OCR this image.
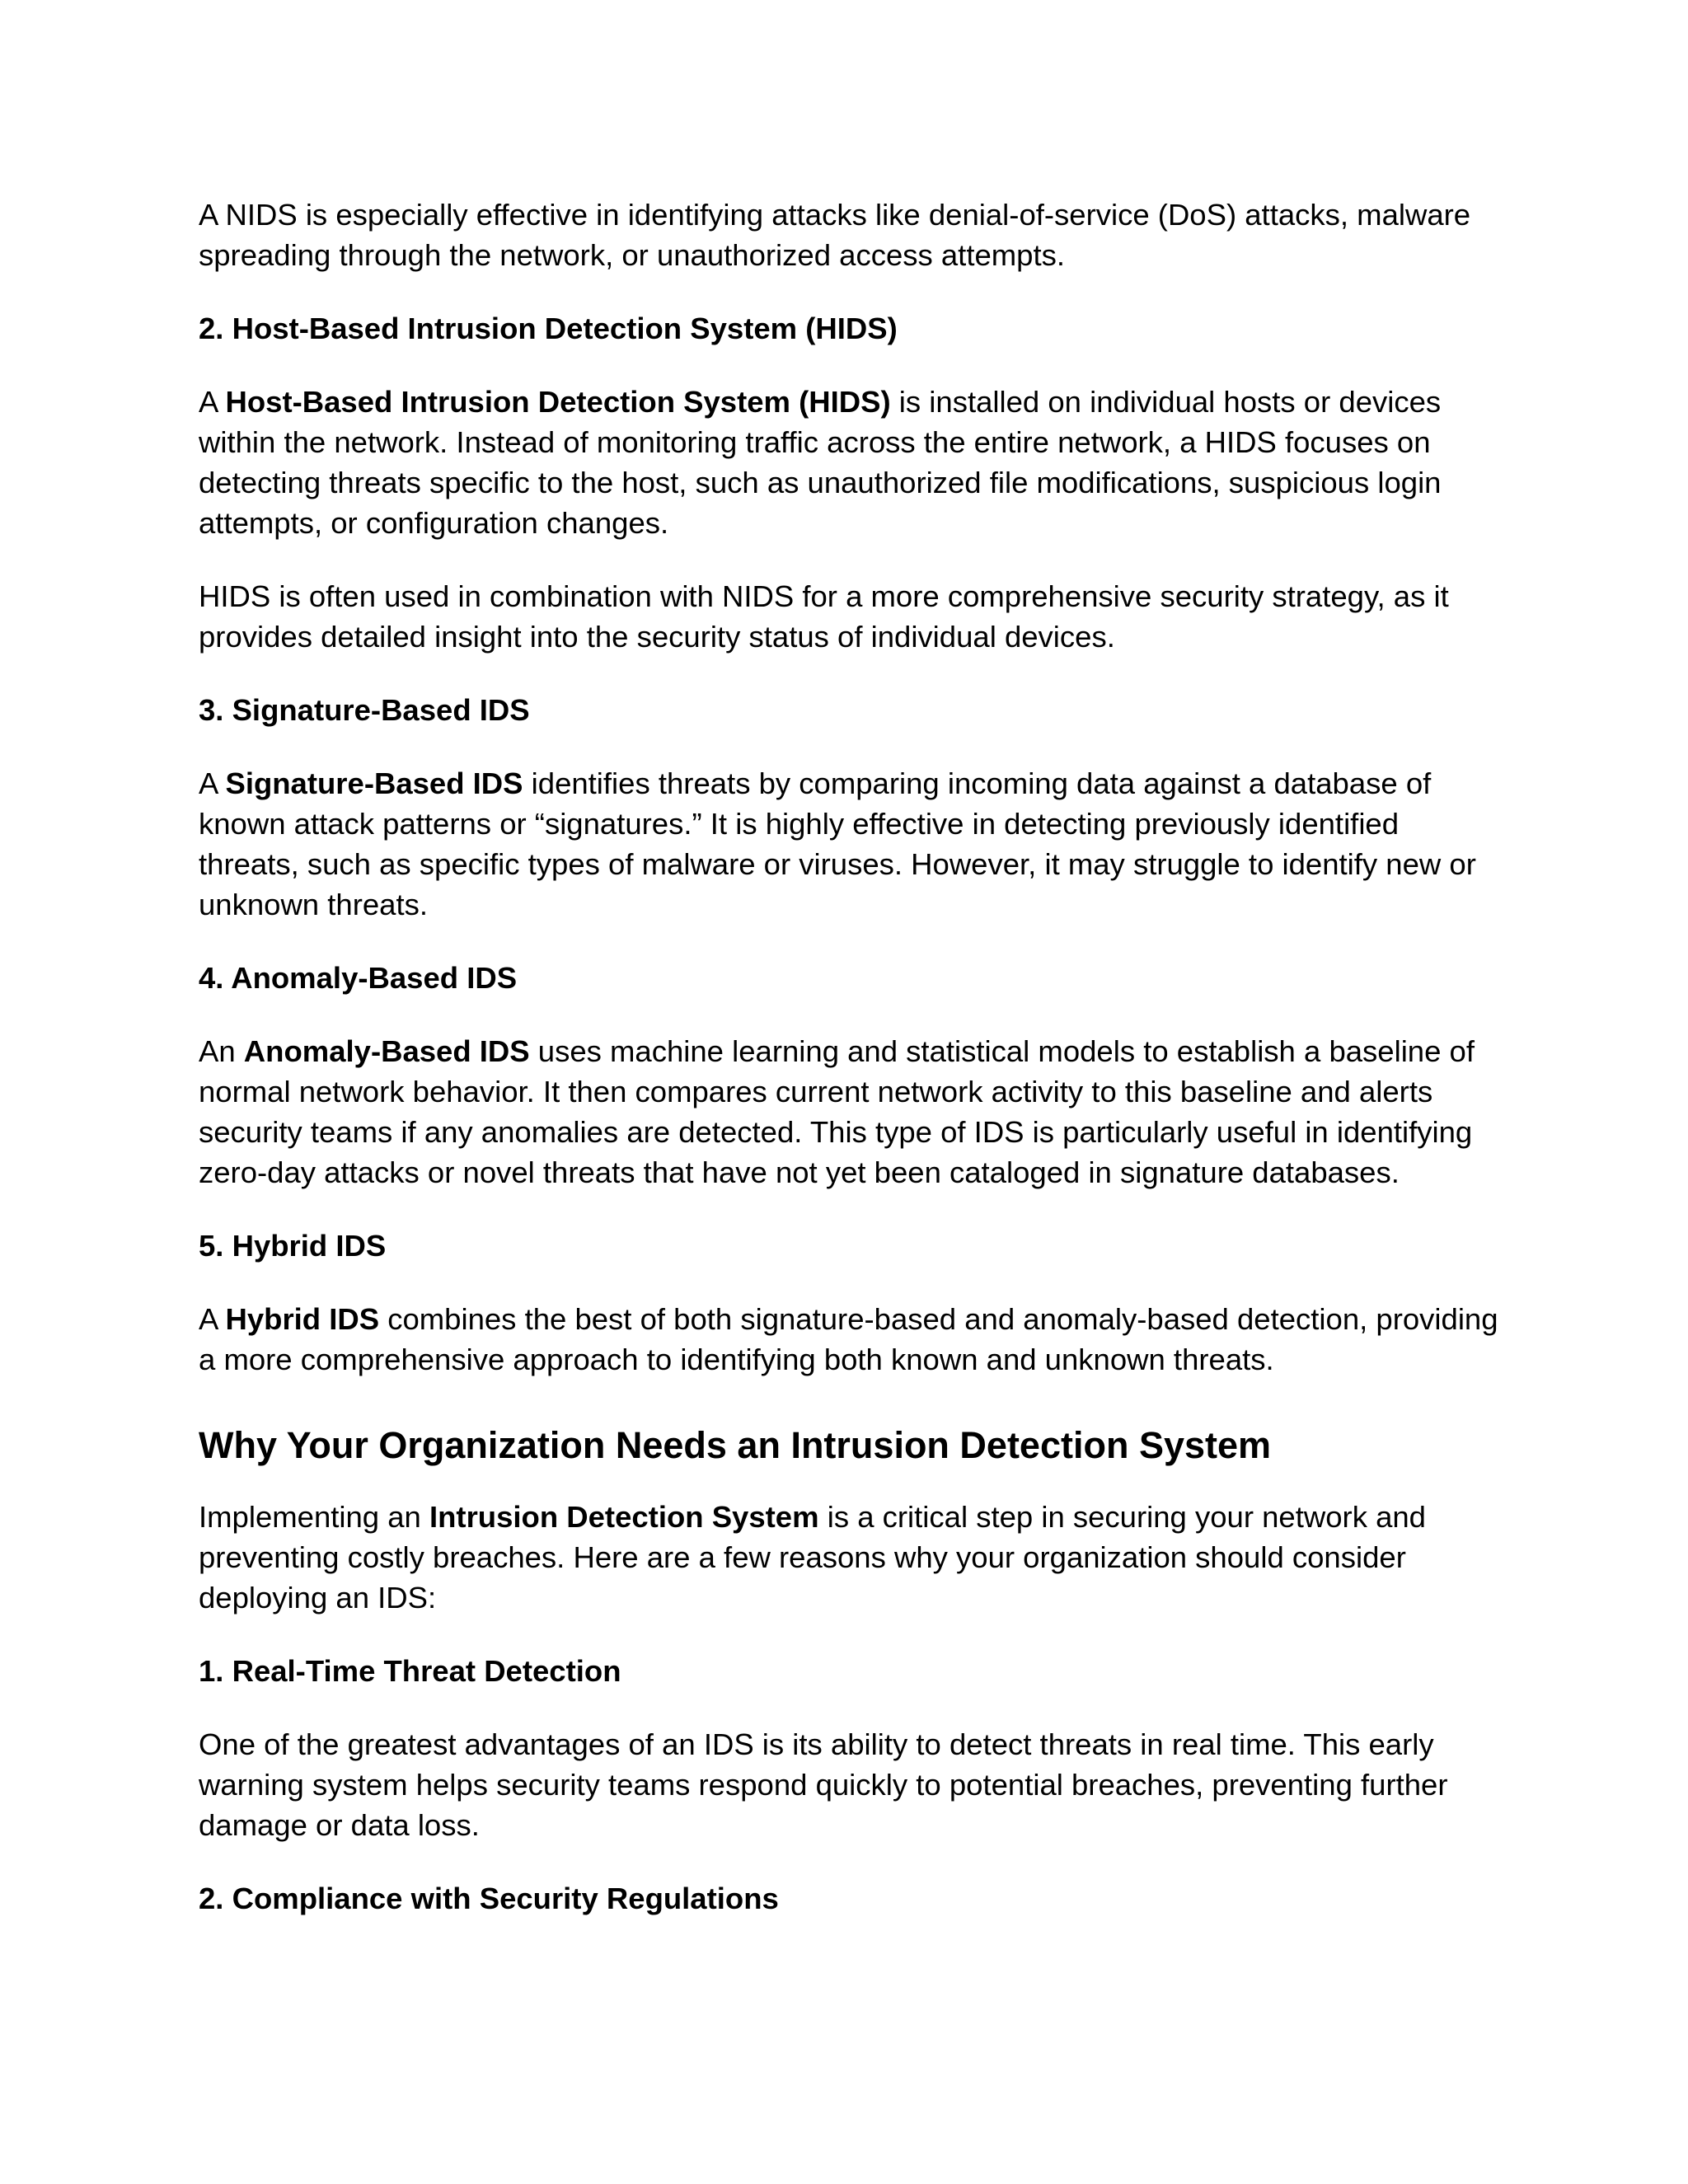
A NIDS is especially effective in identifying attacks like denial-of-service (DoS) attacks, malware spreading through the network, or unauthorized access attempts.

2. Host-Based Intrusion Detection System (HIDS)

A Host-Based Intrusion Detection System (HIDS) is installed on individual hosts or devices within the network. Instead of monitoring traffic across the entire network, a HIDS focuses on detecting threats specific to the host, such as unauthorized file modifications, suspicious login attempts, or configuration changes.

HIDS is often used in combination with NIDS for a more comprehensive security strategy, as it provides detailed insight into the security status of individual devices.

3. Signature-Based IDS

A Signature-Based IDS identifies threats by comparing incoming data against a database of known attack patterns or “signatures.” It is highly effective in detecting previously identified threats, such as specific types of malware or viruses. However, it may struggle to identify new or unknown threats.

4. Anomaly-Based IDS

An Anomaly-Based IDS uses machine learning and statistical models to establish a baseline of normal network behavior. It then compares current network activity to this baseline and alerts security teams if any anomalies are detected. This type of IDS is particularly useful in identifying zero-day attacks or novel threats that have not yet been cataloged in signature databases.

5. Hybrid IDS

A Hybrid IDS combines the best of both signature-based and anomaly-based detection, providing a more comprehensive approach to identifying both known and unknown threats.

Why Your Organization Needs an Intrusion Detection System

Implementing an Intrusion Detection System is a critical step in securing your network and preventing costly breaches. Here are a few reasons why your organization should consider deploying an IDS:

1. Real-Time Threat Detection

One of the greatest advantages of an IDS is its ability to detect threats in real time. This early warning system helps security teams respond quickly to potential breaches, preventing further damage or data loss.

2. Compliance with Security Regulations
